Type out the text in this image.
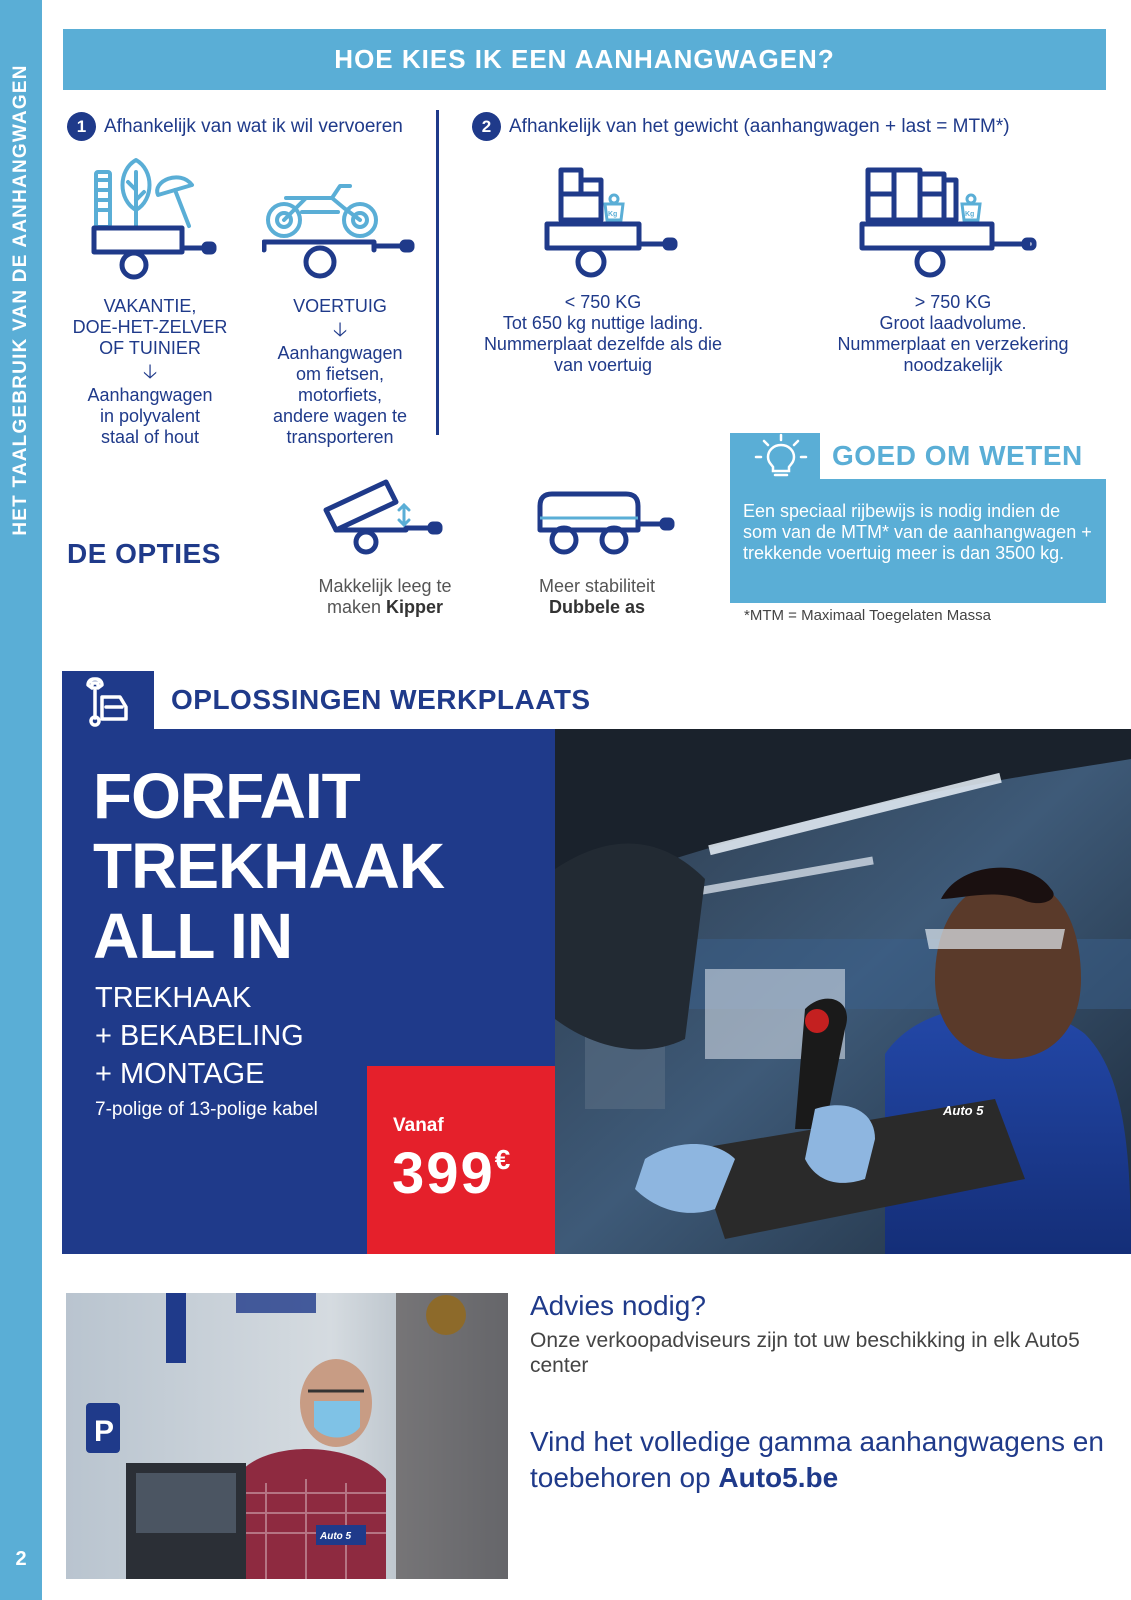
HET TAALGEBRUIK VAN DE AANHANGWAGEN
2
HOE KIES IK EEN AANHANGWAGEN?
1 Afhankelijk van wat ik wil vervoeren	2 Afhankelijk van het gewicht (aanhangwagen + last = MTM*)
VAKANTIE,
DOE-HET-ZELVER
OF TUINIER
🡣
Aanhangwagen
in polyvalent
staal of hout
VOERTUIG
🡣
Aanhangwagen
om fietsen,
motorfiets,
andere wagen te
transporteren
Kg	Kg
< 750 KG
Tot 650 kg nuttige lading.
Nummerplaat dezelfde als die
van voertuig
> 750 KG
Groot laadvolume.
Nummerplaat en verzekering
noodzakelijk
DE OPTIES
Makkelijk leeg te maken Kipper
Meer stabiliteit Dubbele as
GOED OM WETEN
Een speciaal rijbewijs is nodig indien de som van de MTM* van de aanhangwagen + trekkende voertuig meer is dan 3500 kg.
*MTM = Maximaal Toegelaten Massa
OPLOSSINGEN WERKPLAATS
FORFAIT
TREKHAAK
ALL IN
TREKHAAK
+ BEKABELING
+ MONTAGE
7-polige of 13-polige kabel
Vanaf
399€
Auto 5
P
Auto 5
Advies nodig?
Onze verkoopadviseurs zijn tot uw beschikking in elk Auto5 center
Vind het volledige gamma aanhangwagens en toebehoren op Auto5.be
